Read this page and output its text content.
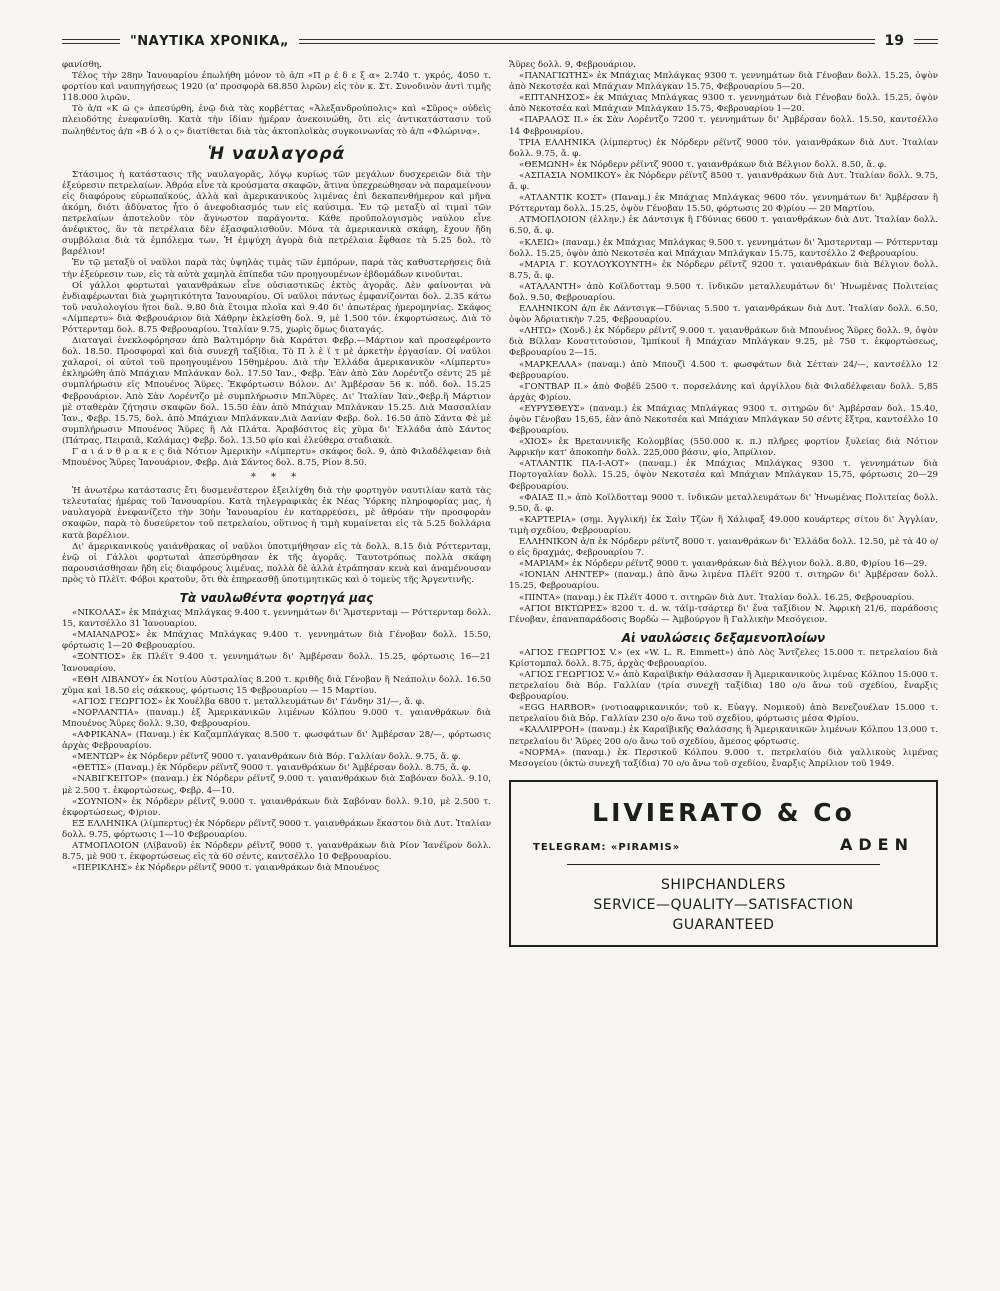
"ΝΑΥΤΙΚΑ ΧΡΟΝΙΚΑ„	19

φανίσθη.

Τέλος τὴν 28ην Ἰανουαρίου ἐπωλήθη μόνον τὸ ἀ/π «Π ρ έ δ ε ξ α» 2.740 τ. γκρός, 4050 τ. φορτίου καὶ ναυπηγήσεως 1920 (α' προσφορὰ 68.850 λιρῶν) εἰς τὸν κ. Στ. Συνοδινὸν ἀντὶ τιμῆς 118.000 λιρῶν.

Τὸ ἀ/π «Κ ῶ ς» ἀπεσύρθη, ἐνῷ διὰ τὰς κορβέττας «Ἀλεξανδρούπολις» καὶ «Σῦρος» οὐδεὶς πλειοδότης ἐνεφανίσθη. Κατὰ τὴν ἰδίαν ἡμέραν ἀνεκοινώθη, ὅτι εἰς ἀντικατάστασιν τοῦ πωληθέντος ἀ/π «Β ό λ ο ς» διατίθεται διὰ τὰς ἀκτοπλοϊκὰς συγκοινωνίας τὸ ἀ/π «Φλώρινα».

Ἡ ναυλαγορά

Στάσιμος ἡ κατάστασις τῆς ναυλαγορᾶς, λόγῳ κυρίως τῶν μεγάλων δυσχερειῶν διὰ τὴν ἐξεύρεσιν πετρελαίων. Ἀθρόα εἶνε τὰ κρούσματα σκαφῶν, ἅτινα ὑπεχρεώθησαν νὰ παραμείνουν εἰς διαφόρους εὐρωπαϊκούς, ἀλλὰ καὶ ἀμερικανικοὺς λιμένας ἐπὶ δεκαπενθήμερον καὶ μῆνα ἀκόμη, διότι ἀδύνατος ἦτο ὁ ἀνεφοδιασμός των εἰς καύσιμα. Ἐν τῷ μεταξὺ αἱ τιμαὶ τῶν πετρελαίων ἀποτελοῦν τὸν ἄγνωστον παράγοντα. Κάθε προϋπολογισμὸς ναύλου εἶνε ἀνέφικτος, ἂν τὰ πετρέλαια δὲν ἐξασφαλισθοῦν. Μόνα τὰ ἀμερικανικὰ σκάφη, ἔχουν ἤδη συμβόλαια διὰ τὰ ἐμπόλεμα των. Ἡ ἐμψύχη ἀγορὰ διὰ πετρέλαια ἔφθασε τὰ 5.25 δολ. τὸ βαρέλιον!

Ἐν τῷ μεταξὺ οἱ ναῦλοι παρὰ τὰς ὑψηλὰς τιμὰς τῶν ἐμπόρων, παρὰ τὰς καθυστερήσεις διὰ τὴν ἐξεύρεσιν των, εἰς τὰ αὐτὰ χαμηλὰ ἐπίπεδα τῶν προηγουμένων ἑβδομάδων κινοῦνται.

Οἱ γάλλοι φορτωταὶ γαιανθράκων εἶνε οὐσιαστικῶς ἐκτὸς ἀγορᾶς. Δὲν φαίνονται νὰ ἐνδιαφέρωνται διὰ χωρητικότητα Ἰανουαρίου. Οἱ ναῦλοι πάντως ἐμφανίζονται δολ. 2.35 κάτω τοῦ ναυλολογίου ἤτοι δολ. 9.80 διὰ ἕτοιμα πλοῖα καὶ 9.40 δι' ἀπωτέρας ἡμερομηνίας. Σκάφος «Λίμπερτυ» διὰ Φεβρουάριον διὰ Χάθρην ἐκλείσθη δολ. 9, μὲ 1.500 τόν. ἐκφορτώσεως. Διὰ τὸ Ρόττερνταμ δολ. 8.75 Φεβρουαρίου. Ἰταλίαν 9.75, χωρὶς ὅμως διαταγάς.

Διαταγαὶ ἐνεκλοφόρησαν ἀπὸ Βαλτιμόρην διὰ Καράτσι Φεβρ.—Μάρτιον καὶ προσεφέροντο δολ. 18.50. Προσφοραὶ καὶ διὰ συνεχῆ ταξίδια. Τὸ Π λ ὲ ϊ τ μὲ ἀρκετὴν ἐργασίαν. Οἱ ναῦλοι χαλαροί, οἱ αὐτοὶ τοῦ προηγουμένου 15θημέρου. Διὰ τὴν Ἑλλάδα ἀμερικανικὸν «Λίμπερτυ» ἐκληρώθη ἀπὸ Μπάχιαν Μπλάνκαν δολ. 17.50 Ἰαν., Φεβρ. Ἐὰν ἀπὸ Σὰν Λορέντζο σέντς 25 μὲ συμπλήρωσιν εἰς Μπουένος Ἄϋρες. Ἐκφόρτωσιν Βόλον. Δι' Ἀμβέρσαν 56 κ. πόδ. δολ. 15.25 Φεβρουάριον. Ἀπὸ Σὰν Λορέντζο μὲ συμπλήρωσιν Μπ.Ἄϋρες. Δι' Ἰταλίαν Ἰαν.,Φεβρ.ἢ Μάρτιον μὲ σταθερὰν ζήτησιν σκαφῶν δολ. 15.50 ἐὰν ἀπὸ Μπάχιαν Μπλάνκαν 15.25. Διὰ Μασσαλίαν Ἰαν., Φεβρ. 15.75, δολ. ἀπὸ Μπάχιαν Μπλάνκαν.Διὰ Δανίαν Φεβρ. δολ. 16.50 ἀπὸ Σάντα Φὲ μὲ συμπλήρωσιν Μπουένος Ἄϋρες ἢ Λὰ Πλάτα. Ἀραβόσιτος εἰς χῦμα δι' Ἑλλάδα ἀπὸ Σάντος (Πάτρας, Πειραιᾶ, Καλάμας) Φεβρ. δολ. 13.50 φίο καὶ ἐλεύθερα σταδιακὰ.

Γ α ι ά ν θ ρ α κ ε ς διὰ Νότιον Ἀμερικὴν «Λίμπερτυ» σκάφος δολ. 9, ἀπὸ Φιλαδέλφειαν διὰ Μπουένος Ἄϋρες Ἰανουάριον, Φεβρ. Διὰ Σάντος δολ. 8.75, Ρίον 8.50.

* * *

Ἡ ἀνωτέρω κατάστασις ἔτι δυσμενέστερον ἐξειλίχθη διὰ τὴν φορτηγὸν ναυτιλίαν κατὰ τὰς τελευταίας ἡμέρας τοῦ Ἰανουαρίου. Κατὰ τηλεγραφικὰς ἐκ Νέας Ὑόρκης πληροφορίας μας, ἡ ναυλαγορὰ ἐνεφανίζετο τὴν 30ὴν Ἰανουαρίου ἐν καταρρεύσει, μὲ ἀθρόαν τὴν προσφορὰν σκαφῶν, παρὰ τὸ δυσεύρετον τοῦ πετρελαίου, οὕτινος ἡ τιμὴ κυμαίνεται εἰς τὰ 5.25 δολλάρια κατὰ βαρέλιον.

Δι' ἀμερικανικοὺς γαιάνθρακας οἱ ναῦλοι ὑποτιμήθησαν εἰς τὰ δολλ. 8.15 διὰ Ρόττερνταμ, ἐνῷ οἱ Γάλλοι φορτωταὶ ἀπεσύρθησαν ἐκ τῆς ἀγορᾶς. Ταυτοτρόπως πολλὰ σκάφη παρουσιάσθησαν ἤδη εἰς διαφόρους λιμένας, πολλὰ δὲ ἀλλὰ ἐτράπησαν κενὰ καὶ ἀναμένουσαν πρὸς τὸ Πλὲϊτ. Φόβοι κρατοῦν, ὅτι θὰ ἐπηρεασθῇ ὑποτιμητικῶς καὶ ὁ τομεὺς τῆς Ἀργεντινῆς.

Τὰ ναυλωθέντα φορτηγά μας

«ΝΙΚΟΛΑΣ» ἐκ Μπάχιας Μπλάγκας 9.400 τ. γεννημάτων δι' Ἄμστερνταμ — Ρόττερνταμ δολλ. 15, καντσέλλο 31 Ἰανουαρίου.

«ΜΑΙΑΝΔΡΟΣ» ἐκ Μπάχιας Μπλάγκας 9.400 τ. γεννημάτων διὰ Γένοβαν δολλ. 15.50, φόρτωσις 1—20 Φεβρουαρίου.

«ΞΟΝΤΙΟΣ» ἐκ Πλέϊτ 9.400 τ. γεννημάτων δι' Ἀμβέρσαν δολλ. 15.25, φόρτωσις 16—21 Ἰανουαρίου.

«ΕΘΗ ΛΙΒΑΝΟΥ» ἐκ Νοτίου Αὐστραλίας 8.200 τ. κριθῆς διὰ Γένοβαν ἢ Νεάπολιν δολλ. 16.50 χῦμα καὶ 18.50 εἰς σάκκους, φόρτωσις 15 Φεβρουαρίου — 15 Μαρτίου.

«ΑΓΙΟΣ ΓΕΩΡΓΙΟΣ» ἐκ Χουέλβα 6800 τ. μεταλλευμάτων δι' Γάνδην 31/—, ἄ. φ.

«ΝΟΡΛΑΝΤΙΑ» (παναμ.) ἐξ Ἀμερικανικῶν λιμένων Κόλπου 9.000 τ. γαιανθράκων διὰ Μπουένος Ἄϋρες δολλ. 9.30, Φεβρουαρίου.

«ΑΦΡΙΚΑΝΑ» (Παναμ.) ἐκ Καζαμπλάγκας 8.500 τ. φωσφάτων δι' Ἀμβέρσαν 28/—, φόρτωσις ἀρχὰς Φεβρουαρίου.

«ΜΕΝΤΩΡ» ἐκ Νόρδερν ρέϊντζ 9000 τ. γαιανθράκων διὰ Βόρ. Γαλλίαν δολλ. 9.75, ἄ. φ.

«ΘΕΤΙΣ» (Παναμ.) ἐκ Νόρδερν ρέϊντζ 9000 τ. γαιανθράκων δι' Ἀμβέρσαν δολλ. 8.75, ἄ. φ.

«ΝΑΒΙΓΚΕΙΤΟΡ» (παναμ.) ἐκ Νόρδερν ρέϊντζ 9.000 τ. γαιανθράκων διὰ Σαβόναν δολλ. 9.10, μὲ 2.500 τ. ἐκφορτώσεως, Φεβρ. 4—10.

«ΣΟΥΝΙΟΝ» ἐκ Νόρδερν ρέϊντζ 9.000 τ. γαιανθράκων διὰ Σαβόναν δολλ. 9.10, μὲ 2.500 τ. ἐκφορτώσεως, Φ)ριον.

ΕΞ ΕΛΛΗΝΙΚΑ (λίμπερτυς) ἐκ Νόρδερν ρέϊντζ 9000 τ. γαιανθράκων ἕκαστον διὰ Δυτ. Ἰταλίαν δολλ. 9.75, φόρτωσις 1—10 Φεβρουαρίου.

ΑΤΜΟΠΛΟΙΟΝ (Λίβανοῦ) ἐκ Νόρδερν ρέϊντζ 9000 τ. γαιανθράκων διὰ Ρίον Ἰανέϊρον δολλ. 8.75, μὲ 900 τ. ἐκφορτώσεως εἰς τὰ 60 σέντς, καντσέλλο 10 Φεβρουαρίου.

«ΠΕΡΙΚΛΗΣ» ἐκ Νόρδερν ρέϊντζ 9000 τ. γαιανθράκων διὰ Μπουένος

Ἄϋρες δολλ. 9, Φεβρουάριον.

«ΠΑΝΑΓΙΩΤΗΣ» ἐκ Μπάχιας Μπλάγκας 9300 τ. γεννημάτων διὰ Γένοβαν δολλ. 15.25, ὀψὸν ἀπὸ Νεκοτσέα καὶ Μπάχιαν Μπλάγκαν 15.75, Φεβρουαρίου 5—20.

«ΕΠΤΑΝΗΣΟΣ» ἐκ Μπάχιας Μπλάγκας 9300 τ. γεννημάτων διὰ Γένοβαν δολλ. 15.25, ὀψὸν ἀπὸ Νεκοτσέα καὶ Μπάχιαν Μπλάγκαν 15.75, Φεβρουαρίου 1—20.

«ΠΑΡΑΛΟΣ ΙΙ.» ἐκ Σὰν Λορέντζο 7200 τ. γεννημάτων δι' Ἀμβέρσαν δολλ. 15.50, καντσέλλο 14 Φεβρουαρίου.

ΤΡΙΑ ΕΛΛΗΝΙΚΑ (λίμπερτυς) ἐκ Νόρδερν ρέϊντζ 9000 τόν. γαιανθράκων διὰ Δυτ. Ἰταλίαν δολλ. 9.75, ἄ. φ.

«ΘΕΜΩΝΗ» ἐκ Νόρδερν ρέϊντζ 9000 τ. γαιανθράκων διὰ Βέλγιον δολλ. 8.50, ἄ. φ.

«ΑΣΠΑΣΙΑ ΝΟΜΙΚΟΥ» ἐκ Νόρδερν ρέϊντζ 8500 τ. γαιανθράκων διὰ Δυτ. Ἰταλίαν δολλ. 9.75, ἄ. φ.

«ΑΤΛΑΝΤΙΚ ΚΟΣΤ» (Παναμ.) ἐκ Μπάχιας Μπλάγκας 9600 τόν. γεννημάτων δι' Ἀμβέρσαν ἢ Ρόττερνταμ δολλ. 15.25, ὀψὸν Γένοβαν 15.50, φόρτωσις 20 Φ)ρίου — 20 Μαρτίου.

ΑΤΜΟΠΛΟΙΟΝ (ἑλλην.) ἐκ Δάντσιγκ ἢ Γδύνιας 6600 τ. γαιανθράκων διὰ Δυτ. Ἰταλίαν δολλ. 6.50, ἄ. φ.

«ΚΛΕΙΩ» (παναμ.) ἐκ Μπάχιας Μπλάγκας 9.500 τ. γεννημάτων δι' Ἄμστερνταμ — Ρόττερνταμ δολλ. 15.25, ὀψὸν ἀπὸ Νεκοτσέα καὶ Μπάχιαν Μπλάγκαν 15.75, καντσέλλο 2 Φεβρουαρίου.

«ΜΑΡΙΑ Γ. ΚΟΥΛΟΥΚΟΥΝΤΗ» ἐκ Νόρδερν ρέϊντζ 9200 τ. γαιανθράκων διὰ Βέλγιον δολλ. 8.75, ἄ. φ.

«ΑΤΑΛΑΝΤΗ» ἀπὸ Κοϊλδοτταμ 9.500 τ. ἰνδικῶν μεταλλευμάτων δι' Ἡνωμένας Πολιτείας δολ. 9.50, Φεβρουαρίου.

ΕΛΛΗΝΙΚΟΝ ἀ/π ἐκ Δάντσιγκ—Γδύνιας 5.500 τ. γαιανθράκων διὰ Δυτ. Ἰταλίαν δολλ. 6.50, ὀψὸν Ἀδριατικὴν 7.25, Φεβρουαρίου.

«ΛΗΤΩ» (Χονδ.) ἐκ Νόρδερν ρέϊντζ 9.000 τ. γαιανθράκων διὰ Μπουένος Ἄϋρες δολλ. 9, ὀψὸν διὰ Βίλλαν Κονστιτούσιον, Ἰμπίκουϊ ἢ Μπάχιαν Μπλάγκαν 9.25, μὲ 750 τ. ἐκφορτώσεως, Φεβρουαρίου 2—15.

«ΜΑΡΚΕΛΛΑ» (παναμ.) ἀπὸ Μπουζὶ 4.500 τ. φωσφάτων διὰ Σέτταν 24/—, καντσέλλο 12 Φεβρουαρίου.

«ΓΟΝΤΒΑΡ ΙΙ.» ἀπὸ Φοβέϋ 2500 τ. πορσελάνης καὶ ἀργίλλου διὰ Φιλαδέλφειαν δολλ. 5,85 ἀρχὰς Φ)ρίου.

«ΕΥΡΥΣΘΕΥΣ» (παναμ.) ἐκ Μπάχιας Μπλάγκας 9300 τ. σιτηρῶν δι' Ἀμβέρσαν δολ. 15.40, ὀψὸν Γένοβαν 15,65, ἐὰν ἀπὸ Νεκοτσέα καὶ Μπάχιαν Μπλάγκαν 50 σέντς ἔξτρα, καντσέλλο 10 Φεβρουαρίου.

«ΧΙΟΣ» ἐκ Βρεταννικῆς Κολομβίας (550.000 κ. π.) πλῆρες φορτίον ξυλείας διὰ Νότιον Ἀφρικὴν κατ' ἀποκοπὴν δολλ. 225,000 βάσιν, φίο, Ἀπρίλιον.

«ΑΤΛΑΝΤΙΚ ΠΑ-Ι-ΑΟΤ» (παναμ.) ἐκ Μπάχιας Μπλάγκας 9300 τ. γεννημάτων διὰ Πορτογαλίαν δολλ. 15.25, ὀψὸν Νεκοτσέα καὶ Μπάχιαν Μπλάγκαν 15,75, φόρτωσις 20—29 Φεβρουαρίου.

«ΦΑΙΑΞ ΙΙ.» ἀπὸ Κοϊλδοτταμ 9000 τ. ἰνδικῶν μεταλλευμάτων δι' Ἡνωμένας Πολιτείας δολλ. 9.50, ἄ. φ.

«ΚΑΡΤΕΡΙΑ» (σημ. Ἀγγλική) ἐκ Σαὶν Τζὼν ἢ Χάλιφαξ 49.000 κουάρτερς σίτου δι' Ἀγγλίαν, τιμὴ σχεδίου, Φεβρουαρίου.

ΕΛΛΗΝΙΚΟΝ ἀ/π ἐκ Νόρδερν ρέϊντζ 8000 τ. γαιανθράκων δι' Ἑλλάδα δολλ. 12.50, μὲ τὰ 40 ο/ο εἰς δραχμάς, Φεβρουαρίου 7.

«ΜΑΡΙΑΜ» ἐκ Νόρδερν ρέϊντζ 9000 τ. γαιανθράκων διὰ Βέλγιον δολλ. 8.80, Φ)ρίου 16—29.

«ΙΟΝΙΑΝ ΛΗΝΤΕΡ» (παναμ.) ἀπὸ ἄνω λιμένα Πλέϊτ 9200 τ. σιτηρῶν δι' Ἀμβέρσαν δολλ. 15.25, Φεβρουαρίου.

«ΠΙΝΤΑ» (παναμ.) ἐκ Πλέϊτ 4000 τ. σιτηρῶν διὰ Δυτ. Ἰταλίαν δολλ. 16.25, Φεβρουαρίου.

«ΑΓΙΟΙ ΒΙΚΤΩΡΕΣ» 8200 τ. d. w. τάϊμ-τσάρτερ δι' ἕνα ταξίδιον Ν. Ἀφρικὴ 21/6, παράδοσις Γένοβαν, ἐπαναπαράδοσις Βορδὼ — Ἀμβούργον ἢ Γαλλικὴν Μεσόγειον.

Αἱ ναυλώσεις δεξαμενοπλοίων

«ΑΓΙΟΣ ΓΕΩΡΓΙΟΣ V.» (ex «W. L. R. Emmett») ἀπὸ Λὸς Ἄντζελες 15.000 τ. πετρελαίου διὰ Κρίστομπαλ δολλ. 8.75, ἀρχὰς Φεβρουαρίου.

«ΑΓΙΟΣ ΓΕΩΡΓΙΟΣ V.» ἀπὸ Καραϊβικὴν Θάλασσαν ἢ Ἀμερικανικοὺς λιμένας Κόλπου 15.000 τ. πετρελαίου διὰ Βόρ. Γαλλίαν (τρία συνεχῆ ταξίδια) 180 ο/ο ἄνω τοῦ σχεδίου, ἔναρξις Φεβρουαρίου.

«EGG HARBOR» (νοτιοαφρικανικόν, τοῦ κ. Εὐαγγ. Νομικοῦ) ἀπὸ Βενεζουέλαν 15.000 τ. πετρελαίου διὰ Βόρ. Γαλλίαν 230 ο/ο ἄνω τοῦ σχεδίου, φόρτωσις μέσα Φ)ρίου.

«ΚΑΛΛΙΡΡΟΗ» (παναμ.) ἐκ Καραϊβικῆς Θαλάσσης ἢ Ἀμερικανικῶν λιμένων Κόλπου 13.000 τ. πετρελαίου δι' Ἄϋρες 200 ο/ο ἄνω τοῦ σχεδίου, ἄμεσος φόρτωσις.

«ΝΟΡΜΑ» (παναμ.) ἐκ Περσικοῦ Κόλπου 9.000 τ. πετρελαίου διὰ γαλλικοὺς λιμένας Μεσογείου (ὀκτὼ συνεχῆ ταξίδια) 70 ο/ο ἄνω τοῦ σχεδίου, ἔναρξις Ἀπρίλιον τοῦ 1949.

LIVIERATO & Co
TELEGRAM: «PIRAMIS»	ADEN
SHIPCHANDLERS
SERVICE—QUALITY—SATISFACTION
GUARANTEED
